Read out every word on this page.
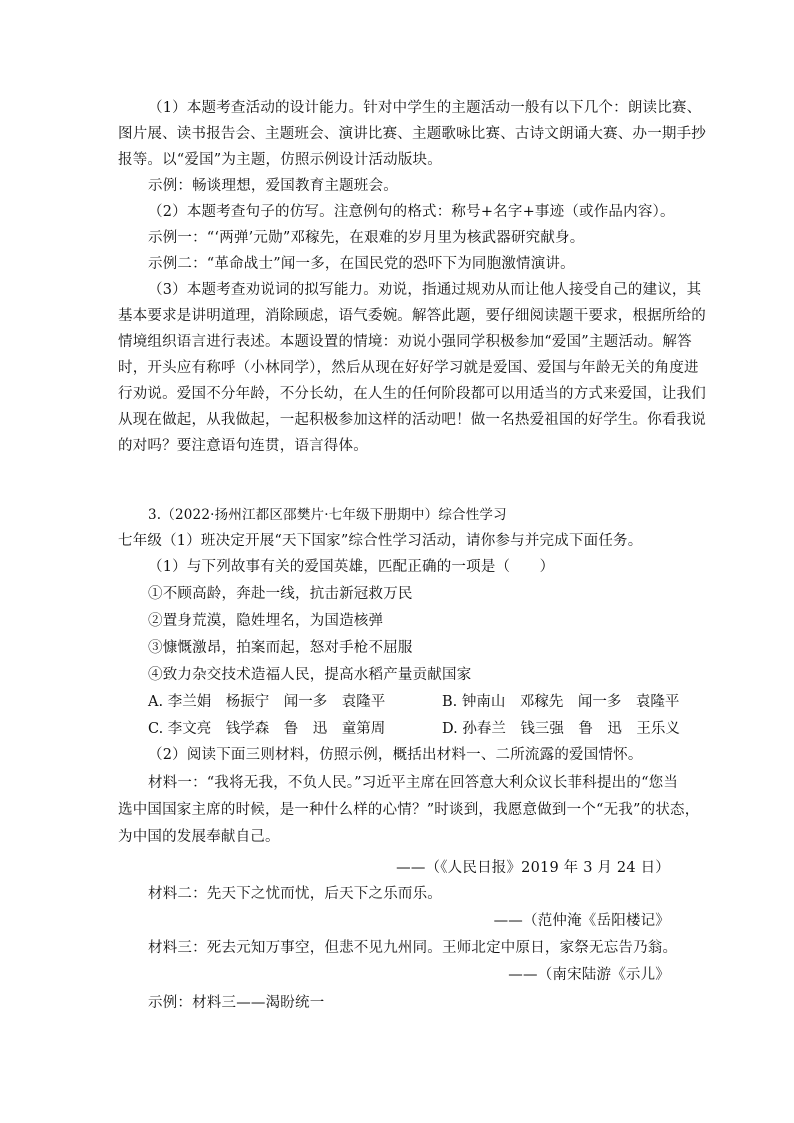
（1）本题考查活动的设计能力。针对中学生的主题活动一般有以下几个：朗读比赛、
图片展、读书报告会、主题班会、演讲比赛、主题歌咏比赛、古诗文朗诵大赛、办一期手抄
报等。以“爱国”为主题，仿照示例设计活动版块。
示例：畅谈理想，爱国教育主题班会。
（2）本题考查句子的仿写。注意例句的格式：称号+名字+事迹（或作品内容）。
示例一：“‘两弹’元勋”邓稼先，在艰难的岁月里为核武器研究献身。
示例二：“革命战士”闻一多，在国民党的恐吓下为同胞激情演讲。
（3）本题考查劝说词的拟写能力。劝说，指通过规劝从而让他人接受自己的建议，其
基本要求是讲明道理，消除顾虑，语气委婉。解答此题，要仔细阅读题干要求，根据所给的
情境组织语言进行表述。本题设置的情境：劝说小强同学积极参加“爱国”主题活动。解答
时，开头应有称呼（小林同学），然后从现在好好学习就是爱国、爱国与年龄无关的角度进
行劝说。爱国不分年龄，不分长幼，在人生的任何阶段都可以用适当的方式来爱国，让我们
从现在做起，从我做起，一起积极参加这样的活动吧！做一名热爱祖国的好学生。你看我说
的对吗？要注意语句连贯，语言得体。
3.（2022·扬州江都区邵樊片·七年级下册期中）综合性学习
七年级（1）班决定开展“天下国家”综合性学习活动，请你参与并完成下面任务。
（1）与下列故事有关的爱国英雄，匹配正确的一项是（　　）
①不顾高龄，奔赴一线，抗击新冠救万民
②置身荒漠，隐姓埋名，为国造核弹
③慷慨激昂，拍案而起，怒对手枪不屈服
④致力杂交技术造福人民，提高水稻产量贡献国家
A. 李兰娟　杨振宁　闻一多　袁隆平	B. 钟南山　邓稼先　闻一多　袁隆平
C. 李文亮　钱学森　鲁　迅　童第周	D. 孙春兰　钱三强　鲁　迅　王乐义
（2）阅读下面三则材料，仿照示例，概括出材料一、二所流露的爱国情怀。
材料一：“我将无我，不负人民。”习近平主席在回答意大利众议长菲科提出的“您当
选中国国家主席的时候，是一种什么样的心情？”时谈到，我愿意做到一个“无我”的状态，
为中国的发展奉献自己。
——（《人民日报》2019 年 3 月 24 日）
材料二：先天下之忧而忧，后天下之乐而乐。
——（范仲淹《岳阳楼记》
材料三：死去元知万事空，但悲不见九州同。王师北定中原日，家祭无忘告乃翁。
——（南宋陆游《示儿》
示例：材料三——渴盼统一
